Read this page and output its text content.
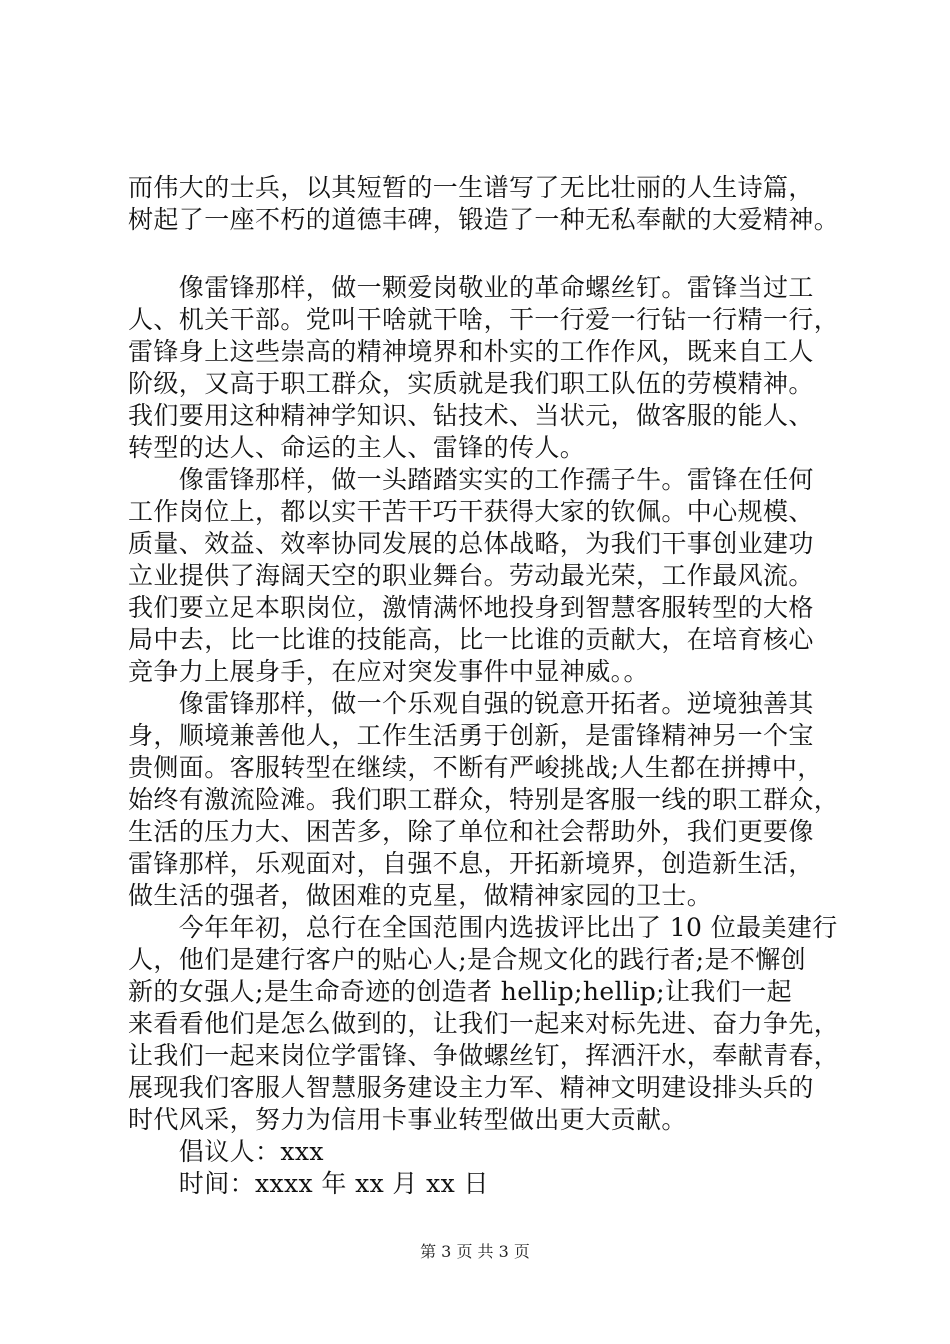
而伟大的士兵，以其短暂的一生谱写了无比壮丽的人生诗篇，
树起了一座不朽的道德丰碑，锻造了一种无私奉献的大爱精神。
　　像雷锋那样，做一颗爱岗敬业的革命螺丝钉。雷锋当过工
人、机关干部。党叫干啥就干啥，干一行爱一行钻一行精一行，
雷锋身上这些崇高的精神境界和朴实的工作作风，既来自工人
阶级，又高于职工群众，实质就是我们职工队伍的劳模精神。
我们要用这种精神学知识、钻技术、当状元，做客服的能人、
转型的达人、命运的主人、雷锋的传人。
　　像雷锋那样，做一头踏踏实实的工作孺子牛。雷锋在任何
工作岗位上，都以实干苦干巧干获得大家的钦佩。中心规模、
质量、效益、效率协同发展的总体战略，为我们干事创业建功
立业提供了海阔天空的职业舞台。劳动最光荣，工作最风流。
我们要立足本职岗位，激情满怀地投身到智慧客服转型的大格
局中去，比一比谁的技能高，比一比谁的贡献大，在培育核心
竞争力上展身手，在应对突发事件中显神威。。
　　像雷锋那样，做一个乐观自强的锐意开拓者。逆境独善其
身，顺境兼善他人，工作生活勇于创新，是雷锋精神另一个宝
贵侧面。客服转型在继续，不断有严峻挑战;人生都在拼搏中，
始终有激流险滩。我们职工群众，特别是客服一线的职工群众，
生活的压力大、困苦多，除了单位和社会帮助外，我们更要像
雷锋那样，乐观面对，自强不息，开拓新境界，创造新生活，
做生活的强者，做困难的克星，做精神家园的卫士。
　　今年年初，总行在全国范围内选拔评比出了 10 位最美建行
人，他们是建行客户的贴心人;是合规文化的践行者;是不懈创
新的女强人;是生命奇迹的创造者 hellip;hellip;让我们一起
来看看他们是怎么做到的，让我们一起来对标先进、奋力争先，
让我们一起来岗位学雷锋、争做螺丝钉，挥洒汗水，奉献青春，
展现我们客服人智慧服务建设主力军、精神文明建设排头兵的
时代风采，努力为信用卡事业转型做出更大贡献。
　　倡议人：xxx
　　时间：xxxx 年 xx 月 xx 日
第 3 页 共 3 页
